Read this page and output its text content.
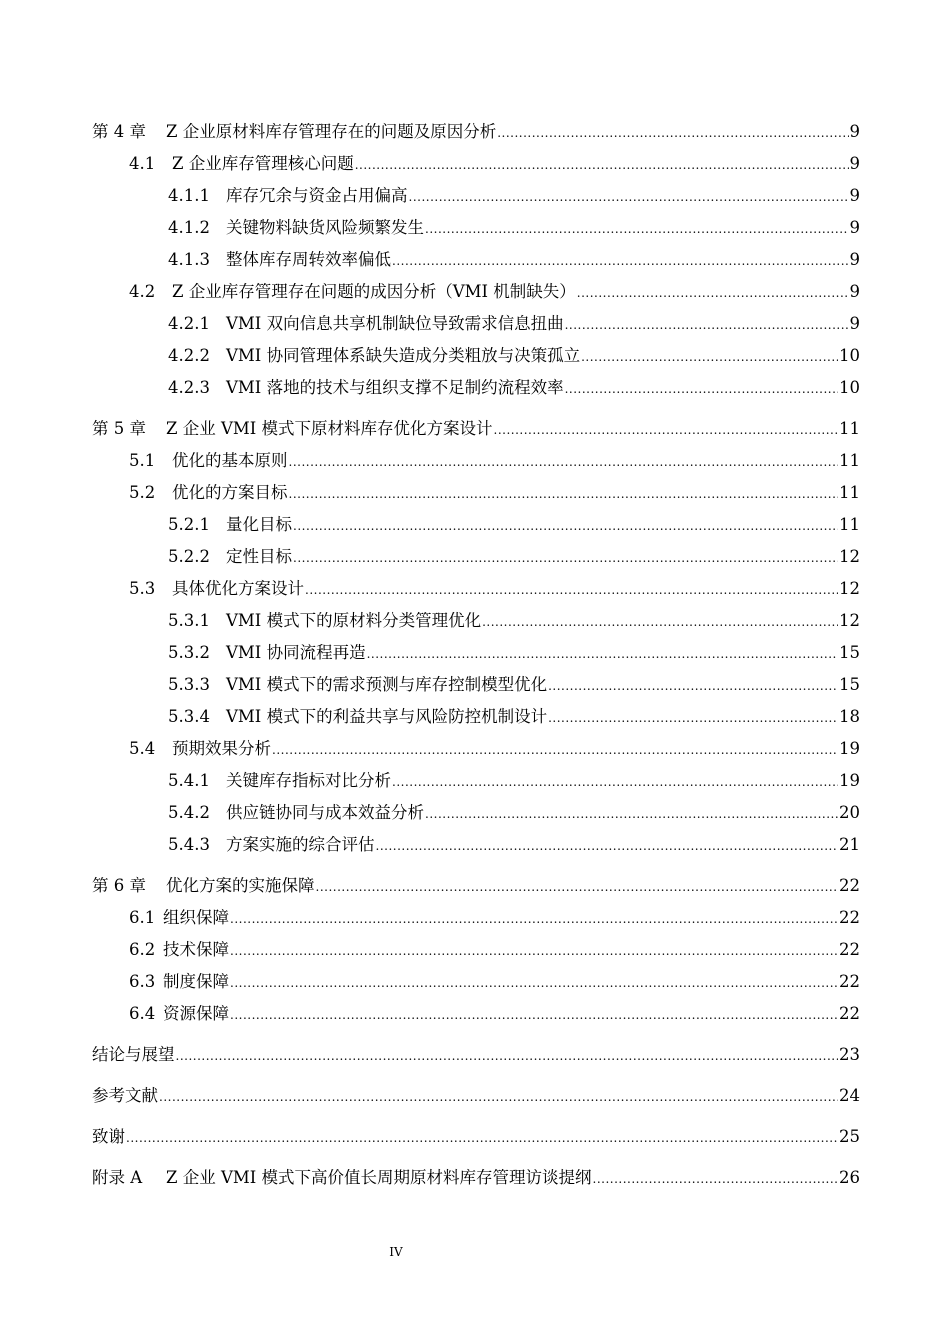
第 4 章	Z 企业原材料库存管理存在的问题及原因分析 .....	9
4.1	Z 企业库存管理核心问题 .....	9
4.1.1 库存冗余与资金占用偏高 .....	9
4.1.2 关键物料缺货风险频繁发生 .....	9
4.1.3 整体库存周转效率偏低 .....	9
4.2	Z 企业库存管理存在问题的成因分析（VMI 机制缺失） .....	9
4.2.1 VMI 双向信息共享机制缺位导致需求信息扭曲 .....	9
4.2.2 VMI 协同管理体系缺失造成分类粗放与决策孤立 .....	10
4.2.3 VMI 落地的技术与组织支撑不足制约流程效率 .....	10
第 5 章	Z 企业 VMI 模式下原材料库存优化方案设计 .....	11
5.1	优化的基本原则 .....	11
5.2	优化的方案目标 .....	11
5.2.1 量化目标 .....	11
5.2.2 定性目标 .....	12
5.3	具体优化方案设计 .....	12
5.3.1 VMI 模式下的原材料分类管理优化 .....	12
5.3.2 VMI 协同流程再造 .....	15
5.3.3 VMI 模式下的需求预测与库存控制模型优化 .....	15
5.3.4 VMI 模式下的利益共享与风险防控机制设计 .....	18
5.4	预期效果分析 .....	19
5.4.1 关键库存指标对比分析 .....	19
5.4.2 供应链协同与成本效益分析 .....	20
5.4.3 方案实施的综合评估 .....	21
第 6 章	优化方案的实施保障 .....	22
6.1 组织保障 .....	22
6.2 技术保障 .....	22
6.3 制度保障 .....	22
6.4 资源保障 .....	22
结论与展望 .....	23
参考文献 .....	24
致谢 .....	25
附录 A	Z 企业 VMI 模式下高价值长周期原材料库存管理访谈提纲 .....	26
IV
